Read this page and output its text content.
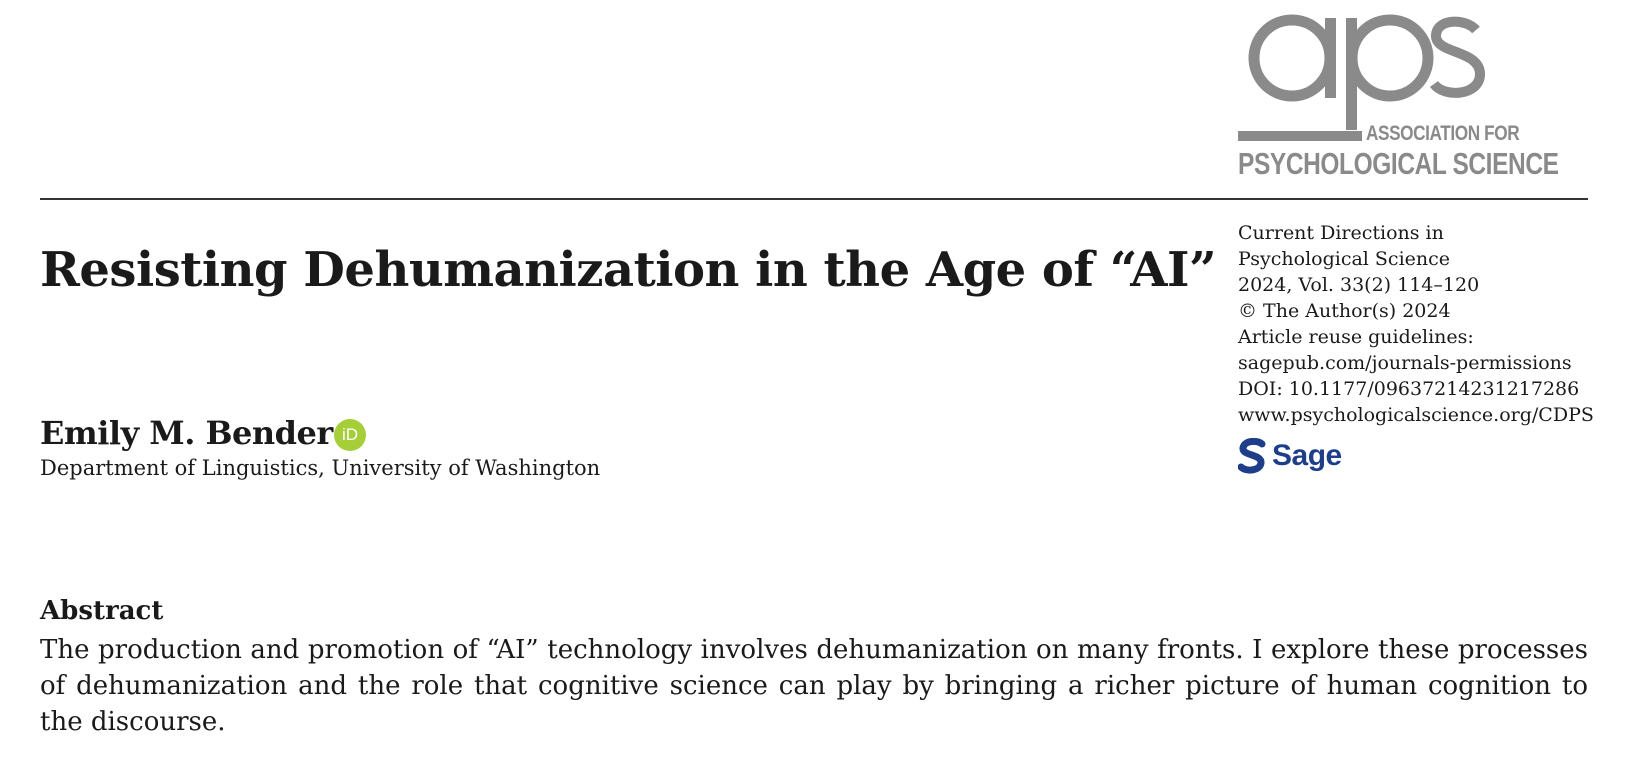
ASSOCIATION FOR
PSYCHOLOGICAL SCIENCE
Resisting Dehumanization in the Age of “AI”
Emily M. Bender iD
Department of Linguistics, University of Washington
Current Directions in Psychological Science
2024, Vol. 33(2) 114–120
© The Author(s) 2024
Article reuse guidelines:
sagepub.com/journals-permissions
DOI: 10.1177/09637214231217286
www.psychologicalscience.org/CDPS
Sage
Abstract
The production and promotion of “AI” technology involves dehumanization on many fronts. I explore these processes of dehumanization and the role that cognitive science can play by bringing a richer picture of human cognition to the discourse.
